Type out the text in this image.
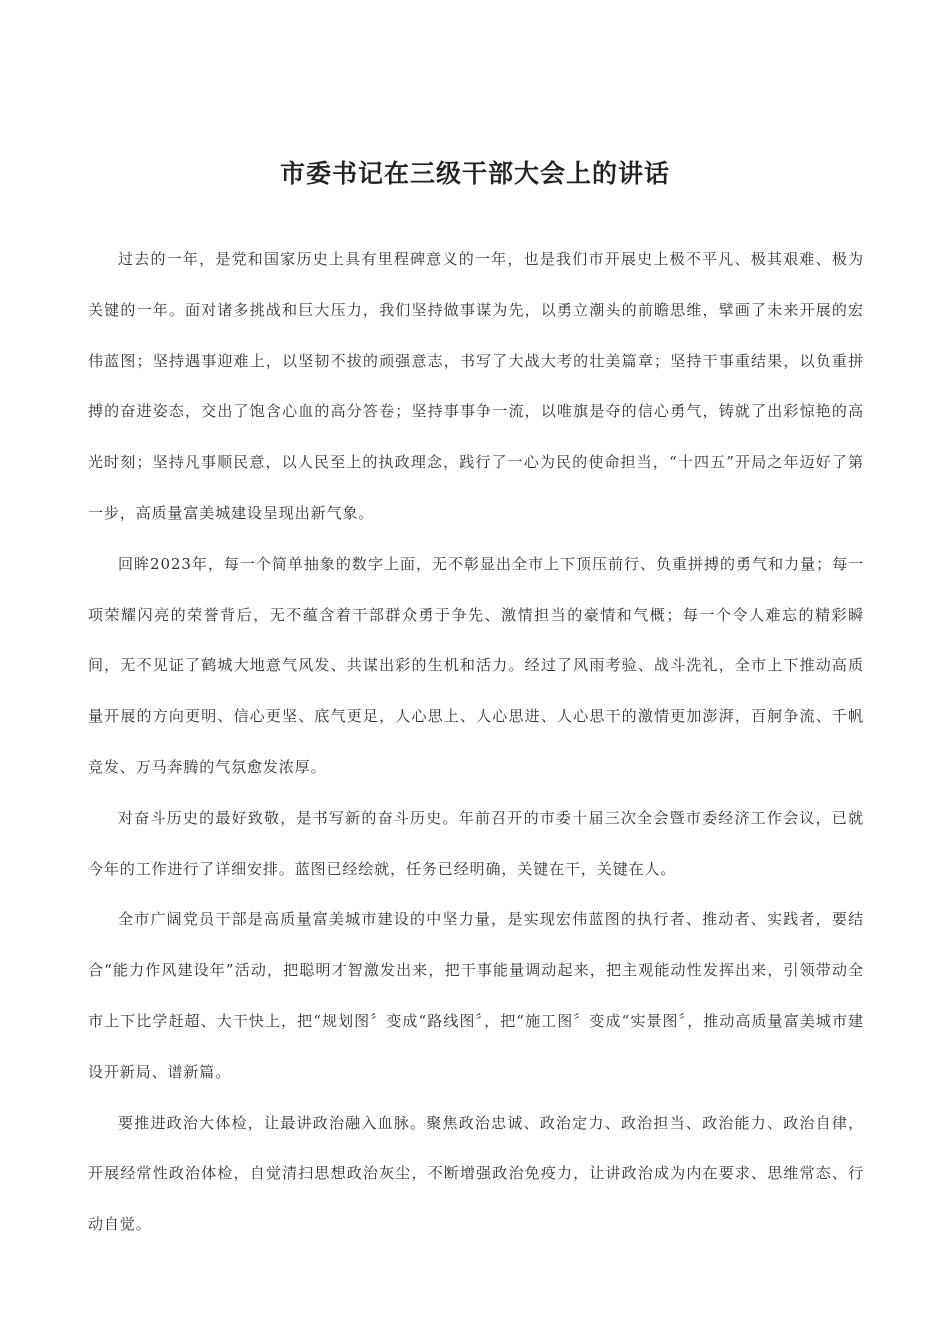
市委书记在三级干部大会上的讲话

过去的一年，是党和国家历史上具有里程碑意义的一年，也是我们市开展史上极不平凡、极其艰难、极为关键的一年。面对诸多挑战和巨大压力，我们坚持做事谋为先，以勇立潮头的前瞻思维，擘画了未来开展的宏伟蓝图；坚持遇事迎难上，以坚韧不拔的顽强意志，书写了大战大考的壮美篇章；坚持干事重结果，以负重拼搏的奋进姿态，交出了饱含心血的高分答卷；坚持事事争一流，以唯旗是夺的信心勇气，铸就了出彩惊艳的高光时刻；坚持凡事顺民意，以人民至上的执政理念，践行了一心为民的使命担当，“十四五”开局之年迈好了第一步，高质量富美城建设呈现出新气象。

回眸2023年，每一个简单抽象的数字上面，无不彰显出全市上下顶压前行、负重拼搏的勇气和力量；每一项荣耀闪亮的荣誉背后，无不蕴含着干部群众勇于争先、激情担当的豪情和气概；每一个令人难忘的精彩瞬间，无不见证了鹤城大地意气风发、共谋出彩的生机和活力。经过了风雨考验、战斗洗礼，全市上下推动高质量开展的方向更明、信心更坚、底气更足，人心思上、人心思进、人心思干的激情更加澎湃，百舸争流、千帆竞发、万马奔腾的气氛愈发浓厚。

对奋斗历史的最好致敬，是书写新的奋斗历史。年前召开的市委十届三次全会暨市委经济工作会议，已就今年的工作进行了详细安排。蓝图已经绘就，任务已经明确，关键在干，关键在人。

全市广阔党员干部是高质量富美城市建设的中坚力量，是实现宏伟蓝图的执行者、推动者、实践者，要结合“能力作风建设年”活动，把聪明才智激发出来，把干事能量调动起来，把主观能动性发挥出来，引领带动全市上下比学赶超、大干快上，把“规划图〞变成“路线图〞，把“施工图〞变成“实景图〞，推动高质量富美城市建设开新局、谱新篇。

要推进政治大体检，让最讲政治融入血脉。聚焦政治忠诚、政治定力、政治担当、政治能力、政治自律，开展经常性政治体检，自觉清扫思想政治灰尘，不断增强政治免疫力，让讲政治成为内在要求、思维常态、行动自觉。
